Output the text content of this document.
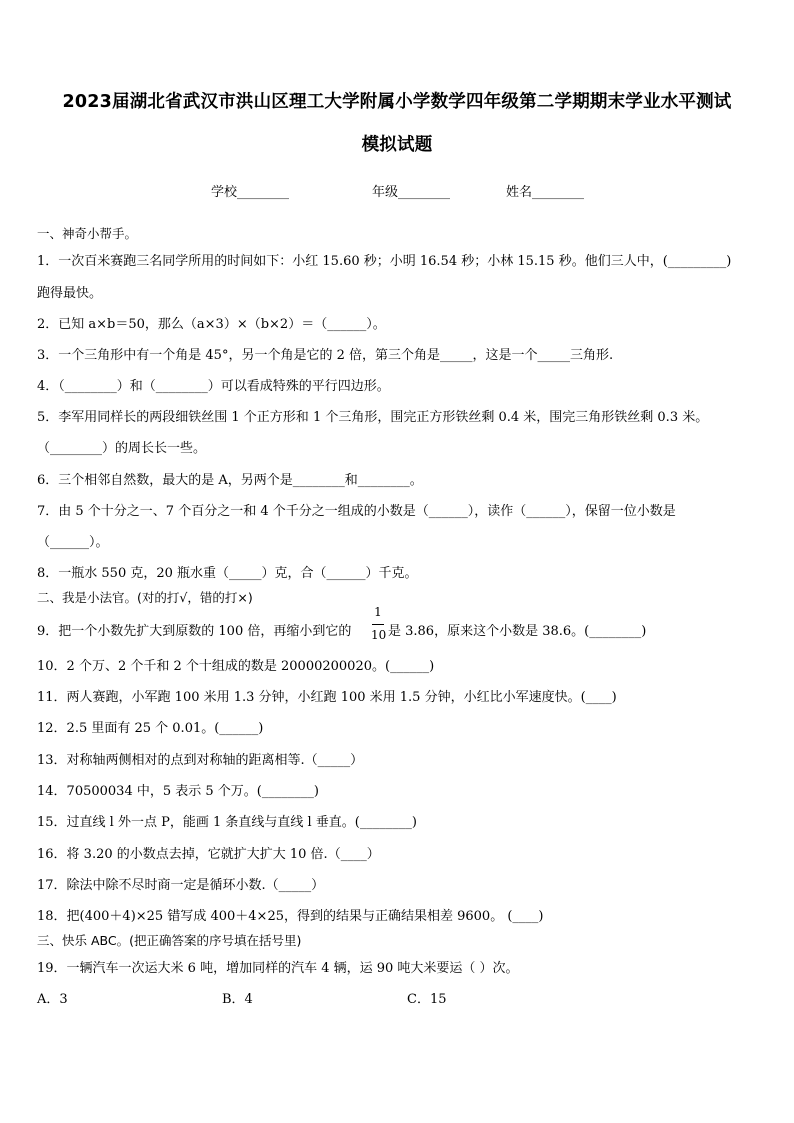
2023届湖北省武汉市洪山区理工大学附属小学数学四年级第二学期期末学业水平测试
模拟试题
学校________	年级________	姓名________
一、神奇小帮手。
1．一次百米赛跑三名同学所用的时间如下：小红 15.60 秒；小明 16.54 秒；小林 15.15 秒。他们三人中，(_________)
跑得最快。
2．已知 a×b＝50，那么（a×3）×（b×2）＝（______）。
3．一个三角形中有一个角是 45°，另一个角是它的 2 倍，第三个角是_____，这是一个_____三角形.
4．（________）和（________）可以看成特殊的平行四边形。
5．李军用同样长的两段细铁丝围 1 个正方形和 1 个三角形，围完正方形铁丝剩 0.4 米，围完三角形铁丝剩 0.3 米。
（________）的周长长一些。
6．三个相邻自然数，最大的是 A，另两个是________和________。
7．由 5 个十分之一、7 个百分之一和 4 个千分之一组成的小数是（______），读作（______），保留一位小数是
（______）。
8．一瓶水 550 克，20 瓶水重（_____）克，合（______）千克。
二、我是小法官。(对的打√，错的打×)
9．把一个小数先扩大到原数的 100 倍，再缩小到它的
1
10 是 3.86，原来这个小数是 38.6。(________)
10．2 个万、2 个千和 2 个十组成的数是 20000200020。(______)
11．两人赛跑，小军跑 100 米用 1.3 分钟，小红跑 100 米用 1.5 分钟，小红比小军速度快。(____)
12．2.5 里面有 25 个 0.01。(______)
13．对称轴两侧相对的点到对称轴的距离相等.（_____）
14．70500034 中，5 表示 5 个万。(________)
15．过直线 l 外一点 P，能画 1 条直线与直线 l 垂直。(________)
16．将 3.20 的小数点去掉，它就扩大扩大 10 倍.（____）
17．除法中除不尽时商一定是循环小数.（_____）
18．把(400＋4)×25 错写成 400＋4×25，得到的结果与正确结果相差 9600。 (____)
三、快乐 ABC。(把正确答案的序号填在括号里)
19．一辆汽车一次运大米 6 吨，增加同样的汽车 4 辆，运 90 吨大米要运（ ）次。
A．3	B．4	C．15
